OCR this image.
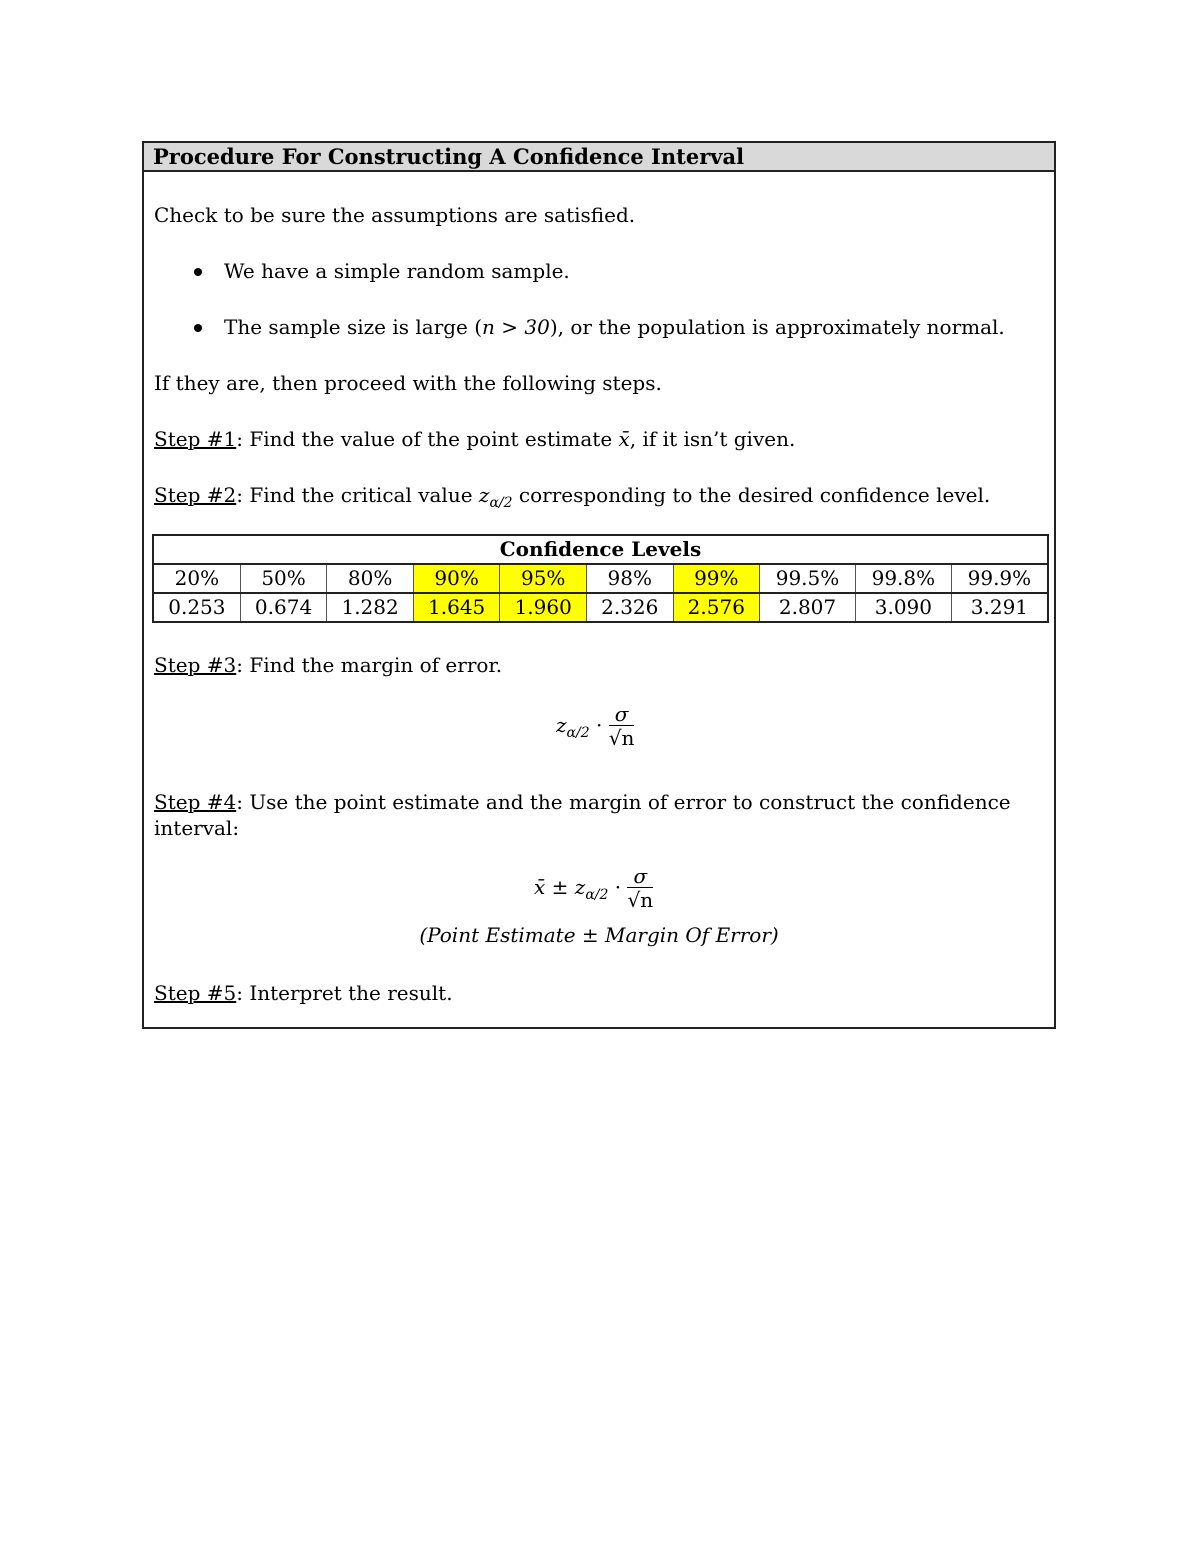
Procedure For Constructing A Confidence Interval
Check to be sure the assumptions are satisfied.
We have a simple random sample.
The sample size is large (n > 30), or the population is approximately normal.
If they are, then proceed with the following steps.
Step #1: Find the value of the point estimate x̄, if it isn’t given.
Step #2: Find the critical value $z_{\alpha/2}$ corresponding to the desired confidence level.
Confidence Levels									
20%	50%	80%	90%	95%	98%	99%	99.5%	99.8%	99.9%
0.253	0.674	1.282	1.645	1.960	2.326	2.576	2.807	3.090	3.291
Step #3: Find the margin of error.
$z_{\alpha/2} \cdot \frac{\sigma}{√n}$
Step #4: Use the point estimate and the margin of error to construct the confidence
interval:
x̄ ± $z_{\alpha/2} \cdot \frac{\sigma}{√n}$
(Point Estimate ± Margin Of Error)
Step #5: Interpret the result.
